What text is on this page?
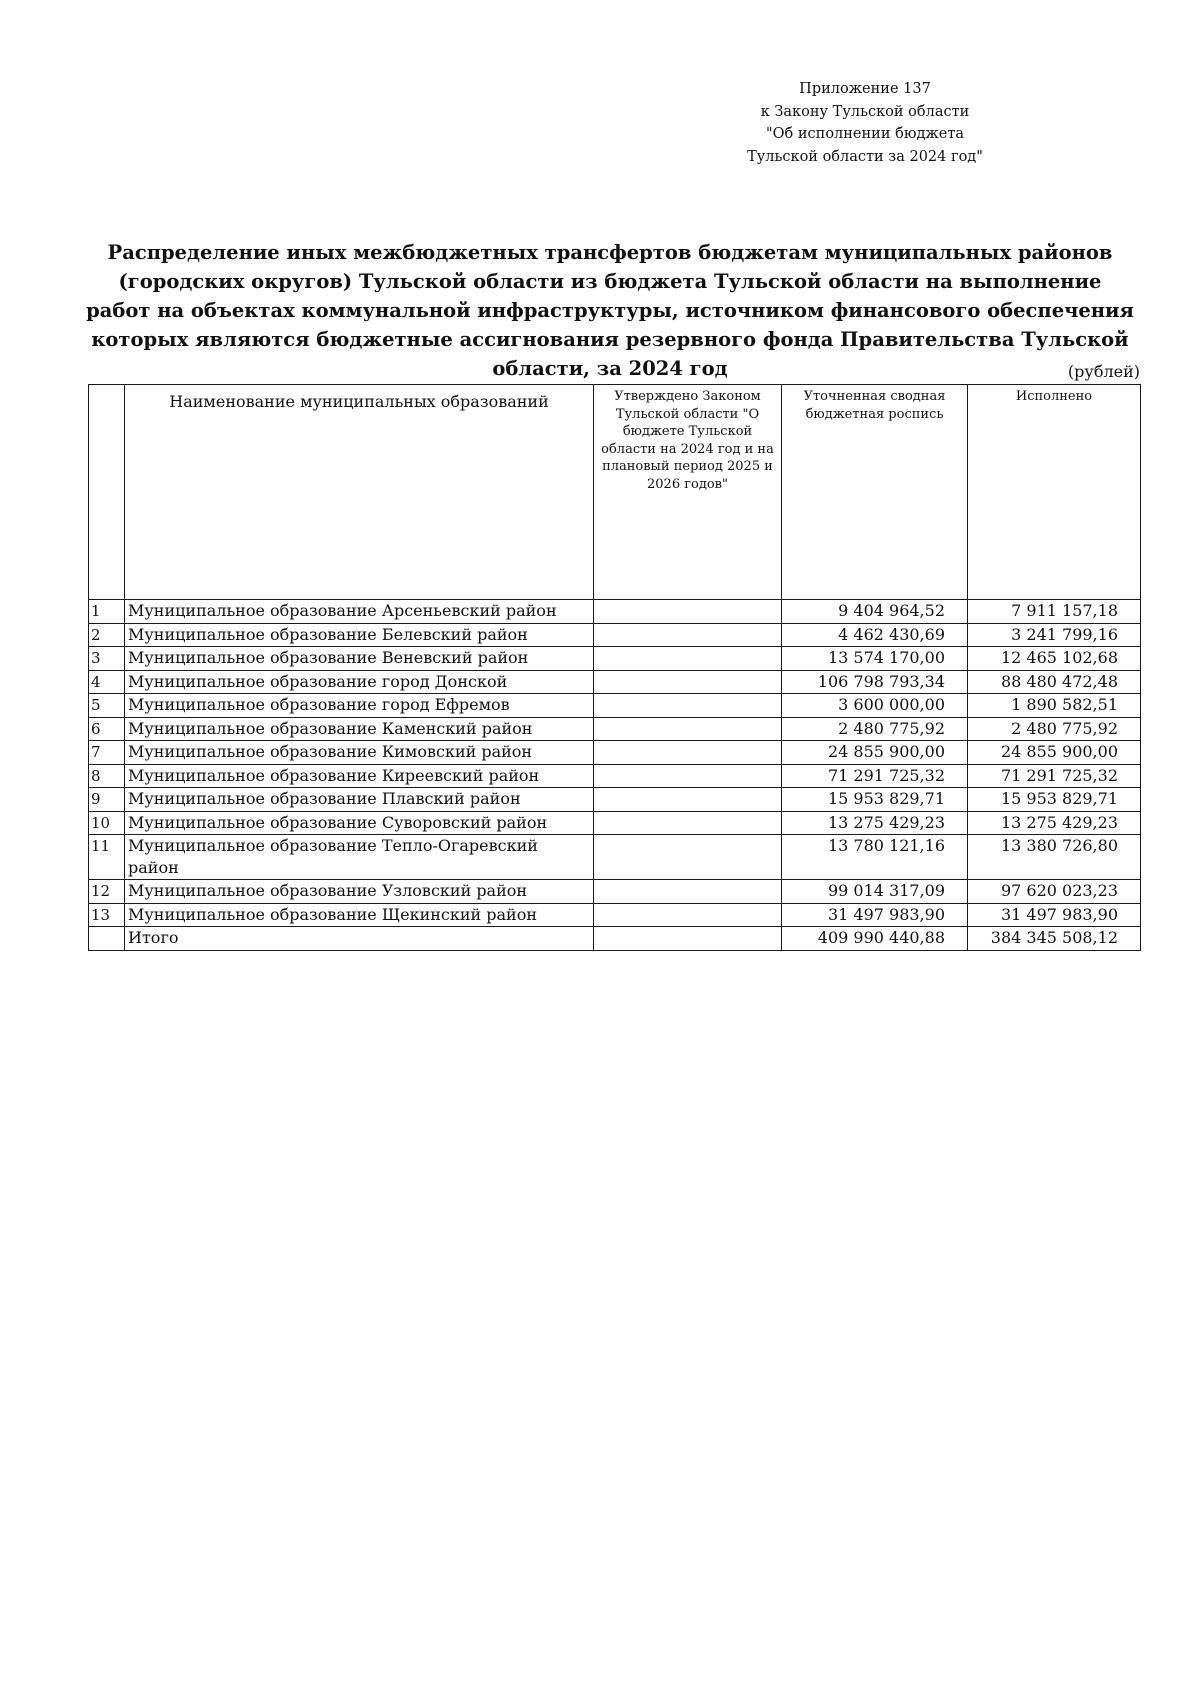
Приложение 137
к Закону Тульской области
"Об исполнении бюджета
Тульской области за 2024 год"
Распределение иных межбюджетных трансфертов бюджетам муниципальных районов (городских округов) Тульской области из бюджета Тульской области на выполнение работ на объектах коммунальной инфраструктуры, источником финансового обеспечения которых являются бюджетные ассигнования резервного фонда Правительства Тульской области, за 2024 год	(рублей)
	Наименование муниципальных образований	Утверждено Законом Тульской области "О бюджете Тульской области на 2024 год и на плановый период 2025 и 2026 годов"	Уточненная сводная бюджетная роспись	Исполнено
1	Муниципальное образование Арсеньевский район		9 404 964,52	7 911 157,18
2	Муниципальное образование Белевский район		4 462 430,69	3 241 799,16
3	Муниципальное образование Веневский район		13 574 170,00	12 465 102,68
4	Муниципальное образование город Донской		106 798 793,34	88 480 472,48
5	Муниципальное образование город Ефремов		3 600 000,00	1 890 582,51
6	Муниципальное образование Каменский район		2 480 775,92	2 480 775,92
7	Муниципальное образование Кимовский район		24 855 900,00	24 855 900,00
8	Муниципальное образование Киреевский район		71 291 725,32	71 291 725,32
9	Муниципальное образование Плавский район		15 953 829,71	15 953 829,71
10	Муниципальное образование Суворовский район		13 275 429,23	13 275 429,23
11	Муниципальное образование Тепло-Огаревский район		13 780 121,16	13 380 726,80
12	Муниципальное образование Узловский район		99 014 317,09	97 620 023,23
13	Муниципальное образование Щекинский район		31 497 983,90	31 497 983,90
	Итого		409 990 440,88	384 345 508,12
